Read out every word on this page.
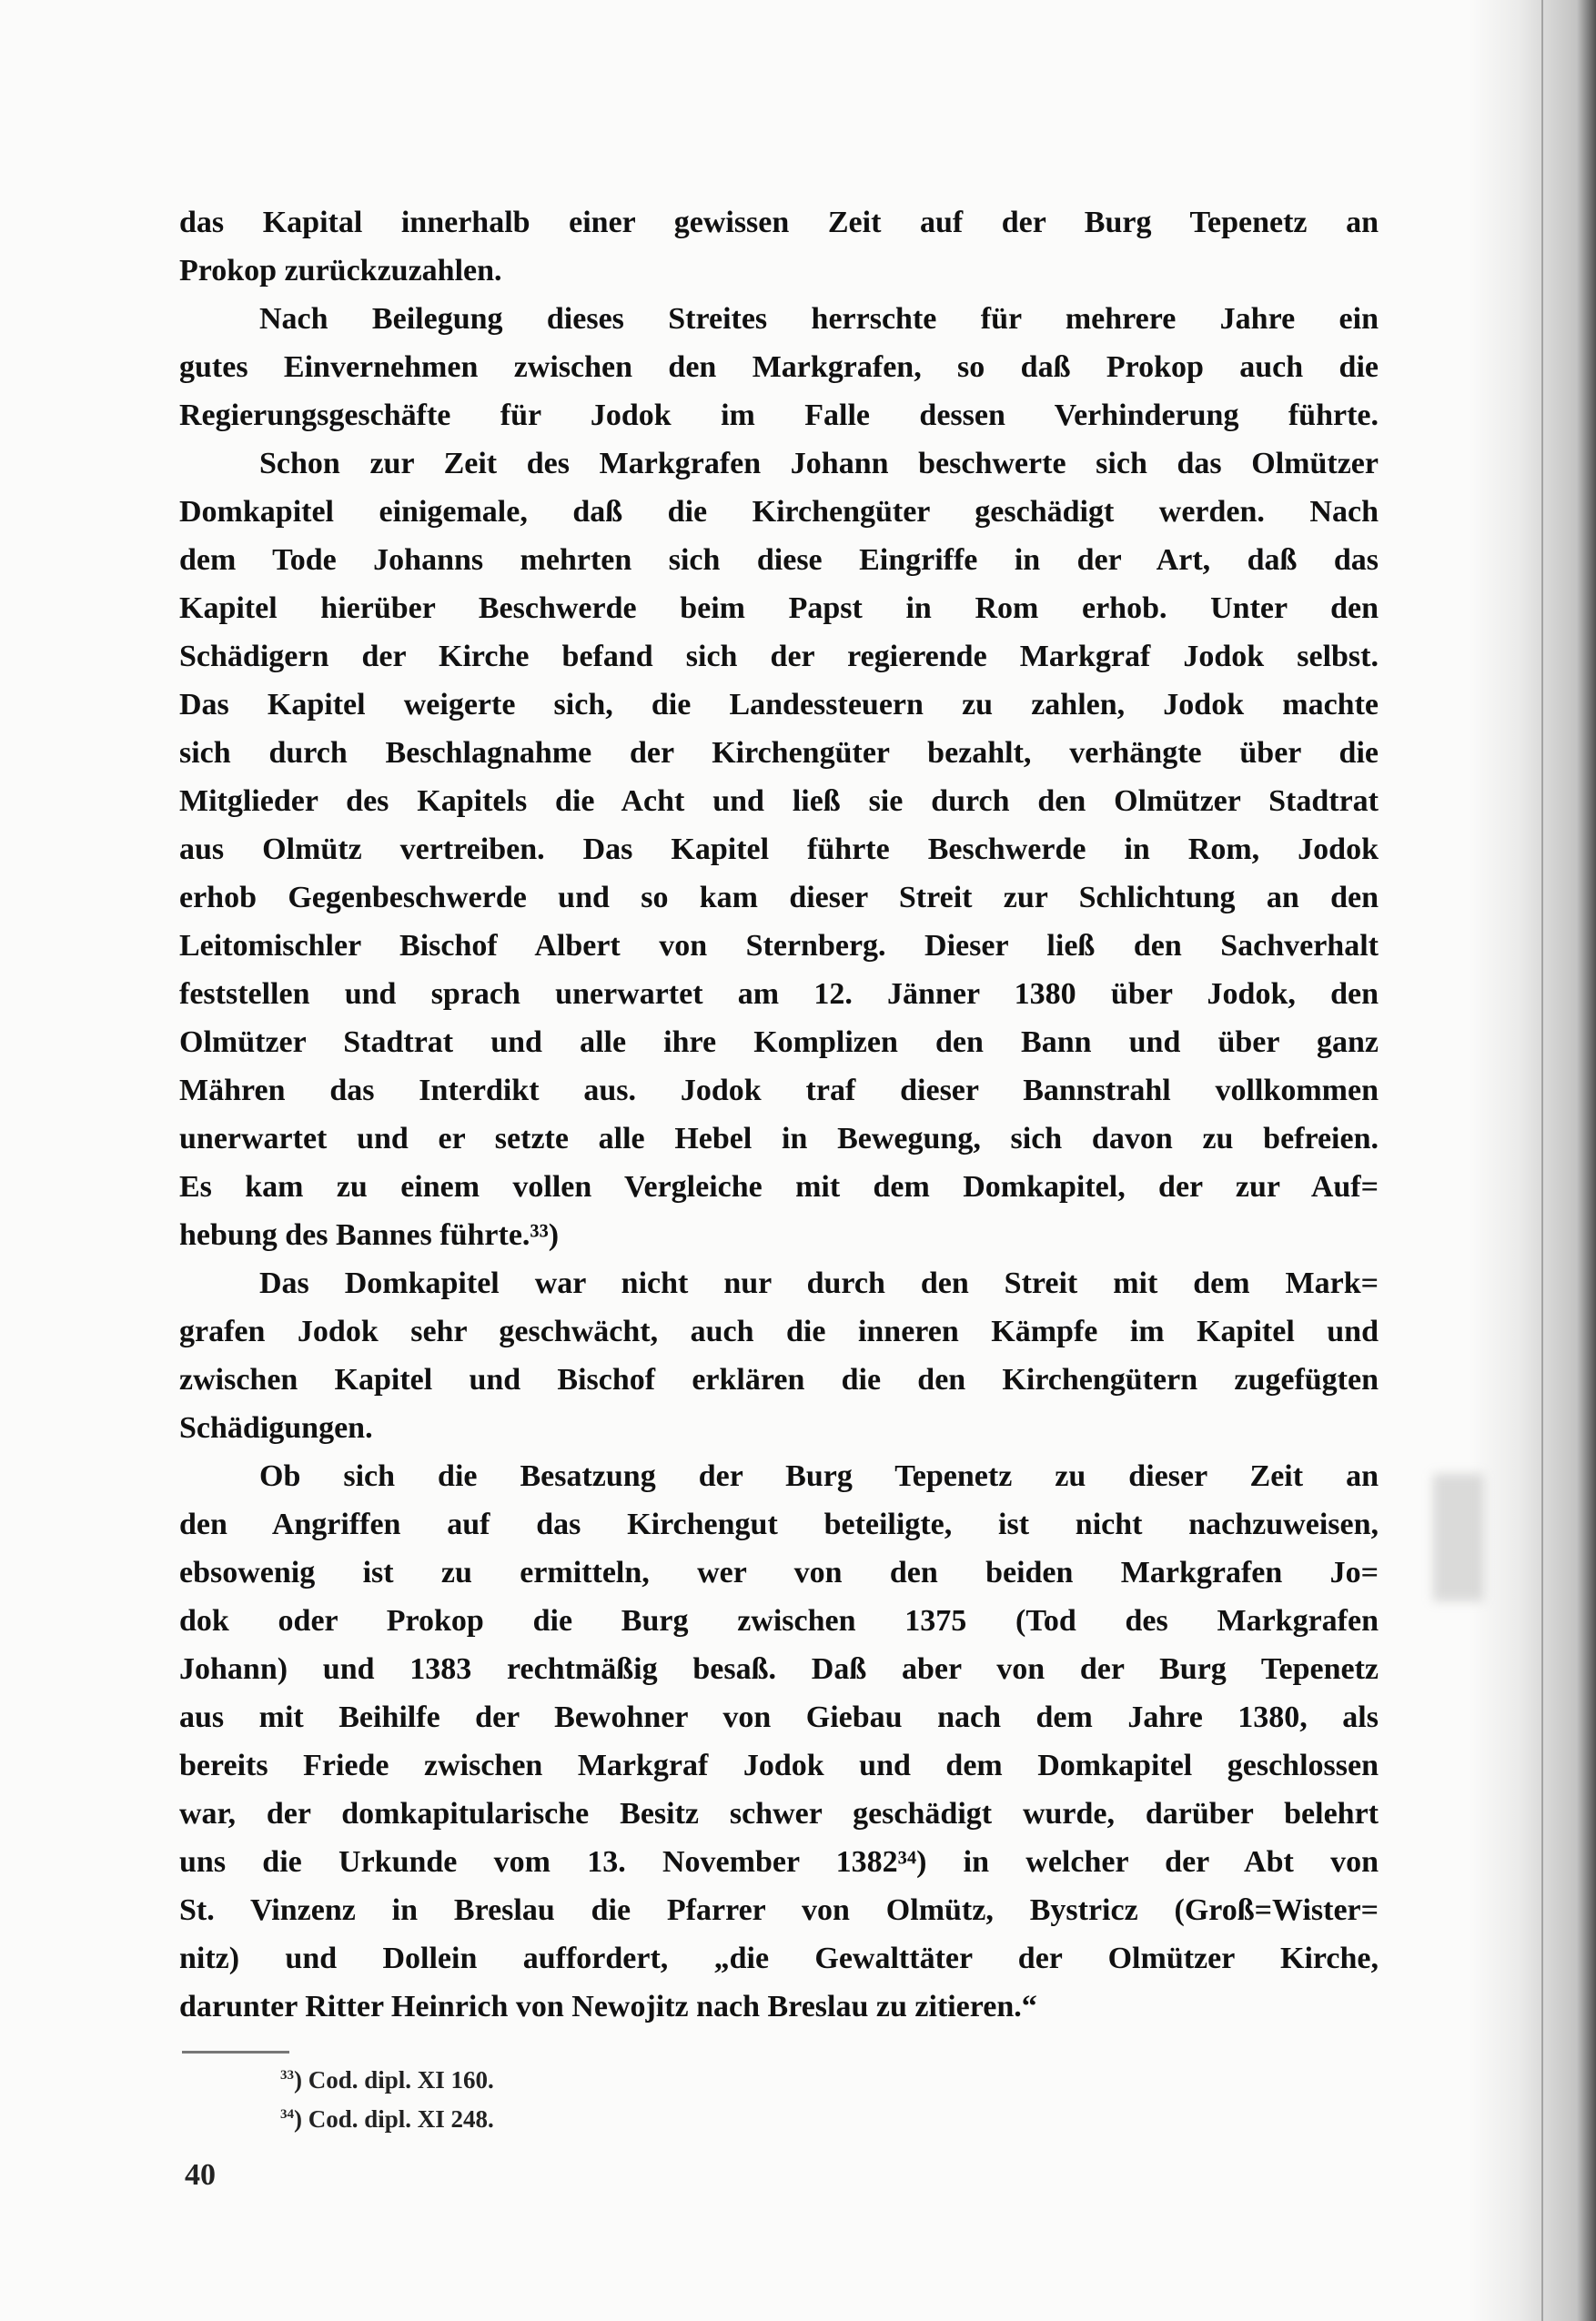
das Kapital innerhalb einer gewissen Zeit auf der Burg Tepenetz an
Prokop zurückzuzahlen.
Nach Beilegung dieses Streites herrschte für mehrere Jahre ein
gutes Einvernehmen zwischen den Markgrafen, so daß Prokop auch die
Regierungsgeschäfte für Jodok im Falle dessen Verhinderung führte.
Schon zur Zeit des Markgrafen Johann beschwerte sich das Olmützer
Domkapitel einigemale, daß die Kirchengüter geschädigt werden. Nach
dem Tode Johanns mehrten sich diese Eingriffe in der Art, daß das
Kapitel hierüber Beschwerde beim Papst in Rom erhob. Unter den
Schädigern der Kirche befand sich der regierende Markgraf Jodok selbst.
Das Kapitel weigerte sich, die Landessteuern zu zahlen, Jodok machte
sich durch Beschlagnahme der Kirchengüter bezahlt, verhängte über die
Mitglieder des Kapitels die Acht und ließ sie durch den Olmützer Stadtrat
aus Olmütz vertreiben. Das Kapitel führte Beschwerde in Rom, Jodok
erhob Gegenbeschwerde und so kam dieser Streit zur Schlichtung an den
Leitomischler Bischof Albert von Sternberg. Dieser ließ den Sachverhalt
feststellen und sprach unerwartet am 12. Jänner 1380 über Jodok, den
Olmützer Stadtrat und alle ihre Komplizen den Bann und über ganz
Mähren das Interdikt aus. Jodok traf dieser Bannstrahl vollkommen
unerwartet und er setzte alle Hebel in Bewegung, sich davon zu befreien.
Es kam zu einem vollen Vergleiche mit dem Domkapitel, der zur Auf=
hebung des Bannes führte.³³)
Das Domkapitel war nicht nur durch den Streit mit dem Mark=
grafen Jodok sehr geschwächt, auch die inneren Kämpfe im Kapitel und
zwischen Kapitel und Bischof erklären die den Kirchengütern zugefügten
Schädigungen.
Ob sich die Besatzung der Burg Tepenetz zu dieser Zeit an
den Angriffen auf das Kirchengut beteiligte, ist nicht nachzuweisen,
ebsowenig ist zu ermitteln, wer von den beiden Markgrafen Jo=
dok oder Prokop die Burg zwischen 1375 (Tod des Markgrafen
Johann) und 1383 rechtmäßig besaß. Daß aber von der Burg Tepenetz
aus mit Beihilfe der Bewohner von Giebau nach dem Jahre 1380, als
bereits Friede zwischen Markgraf Jodok und dem Domkapitel geschlossen
war, der domkapitularische Besitz schwer geschädigt wurde, darüber belehrt
uns die Urkunde vom 13. November 1382³⁴) in welcher der Abt von
St. Vinzenz in Breslau die Pfarrer von Olmütz, Bystricz (Groß=Wister=
nitz) und Dollein auffordert, „die Gewalttäter der Olmützer Kirche,
darunter Ritter Heinrich von Newojitz nach Breslau zu zitieren.“
$^{33}$) Cod. dipl. XI 160.
$^{34}$) Cod. dipl. XI 248.
40
